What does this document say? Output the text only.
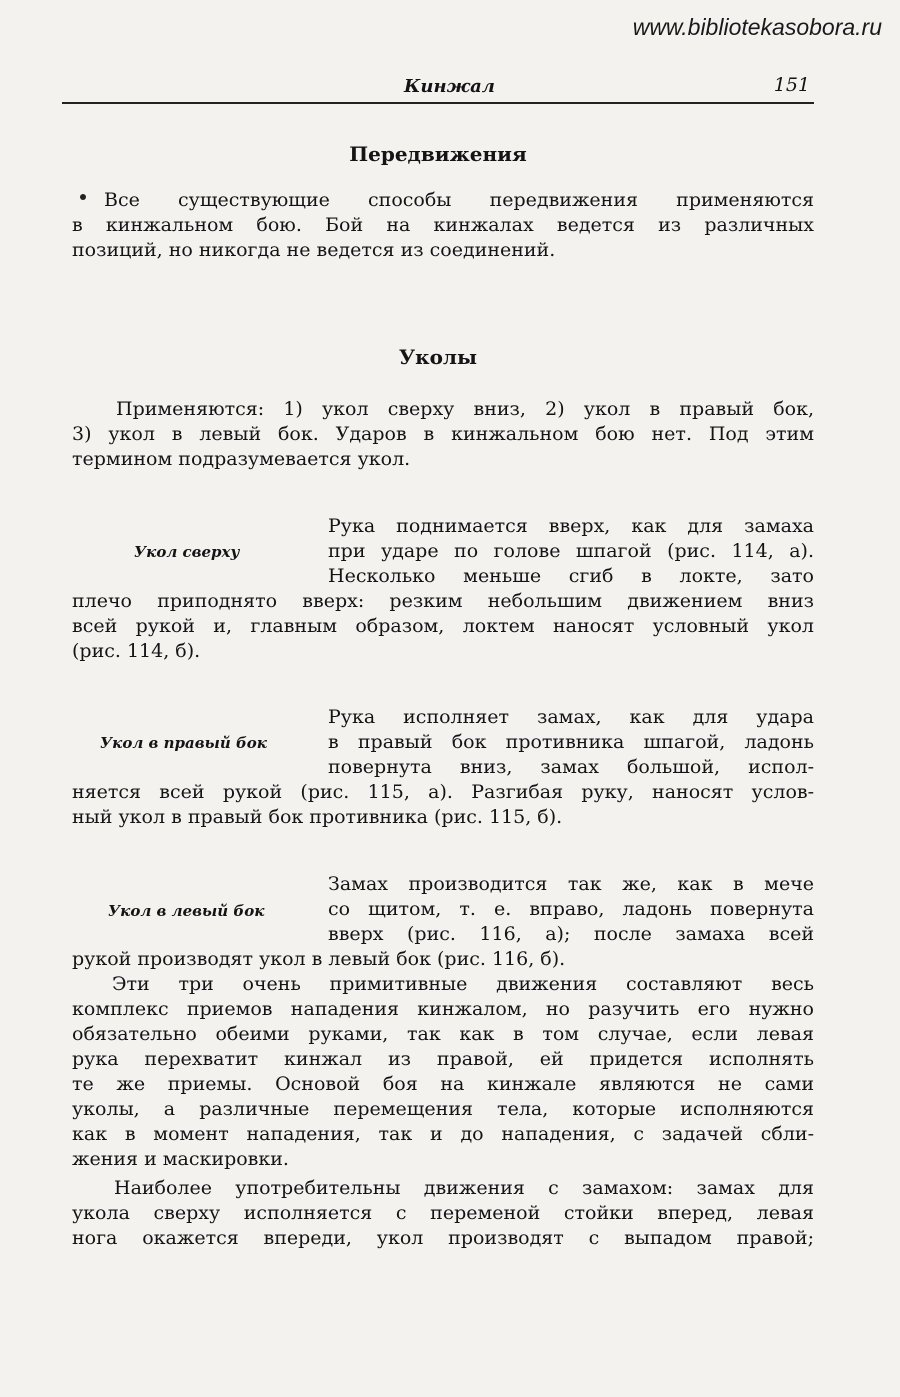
www.bibliotekasobora.ru
Кинжал	151
Передвижения
Все существующие способы передвижения применяются
в кинжальном бою. Бой на кинжалах ведется из различных
позиций, но никогда не ведется из соединений.
Уколы
Применяются: 1) укол сверху вниз, 2) укол в правый бок,
3) укол в левый бок. Ударов в кинжальном бою нет. Под этим
термином подразумевается укол.
Укол сверху
Рука поднимается вверх, как для замаха
при ударе по голове шпагой (рис. 114, а).
Несколько меньше сгиб в локте, зато
плечо приподнято вверх: резким небольшим движением вниз
всей рукой и, главным образом, локтем наносят условный укол
(рис. 114, б).
Укол в правый бок
Рука исполняет замах, как для удара
в правый бок противника шпагой, ладонь
повернута вниз, замах большой, испол-
няется всей рукой (рис. 115, а). Разгибая руку, наносят услов-
ный укол в правый бок противника (рис. 115, б).
Укол в левый бок
Замах производится так же, как в мече
со щитом, т. е. вправо, ладонь повернута
вверх (рис. 116, а); после замаха всей
рукой производят укол в левый бок (рис. 116, б).
Эти три очень примитивные движения составляют весь
комплекс приемов нападения кинжалом, но разучить его нужно
обязательно обеими руками, так как в том случае, если левая
рука перехватит кинжал из правой, ей придется исполнять
те же приемы. Основой боя на кинжале являются не сами
уколы, а различные перемещения тела, которые исполняются
как в момент нападения, так и до нападения, с задачей сбли-
жения и маскировки.
Наиболее употребительны движения с замахом: замах для
укола сверху исполняется с переменой стойки вперед, левая
нога окажется впереди, укол производят с выпадом правой;
